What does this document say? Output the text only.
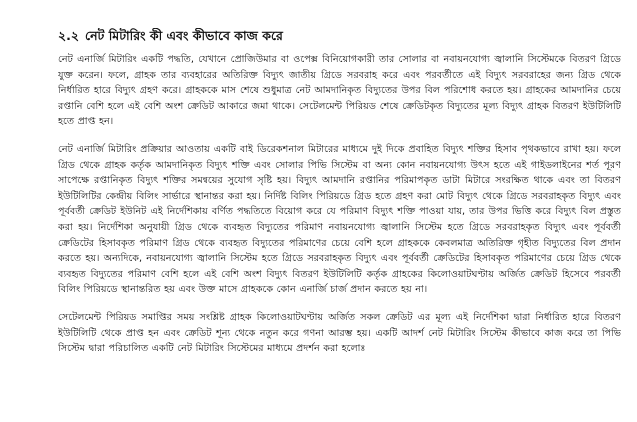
২.২ নেট মিটারিং কী এবং কীভাবে কাজ করে

নেট এনার্জি মিটারিং একটি পদ্ধতি, যেখানে প্রোজিউমার বা ওপেক্স বিনিয়োগকারী তার সোলার বা নবায়নযোগ্য জ্বালানি সিস্টেমকে বিতরণ গ্রিডে যুক্ত করেন। ফলে, গ্রাহক তার ব্যবহারের অতিরিক্ত বিদ্যুৎ জাতীয় গ্রিডে সরবরাহ করে এবং পরবর্তীতে এই বিদ্যুৎ সরবরাহের জন্য গ্রিড থেকে নির্ধারিত হারে বিদ্যুৎ গ্রহণ করে। গ্রাহককে মাস শেষে শুধুমাত্র নেট আমদানিকৃত বিদ্যুতের উপর বিল পরিশোধ করতে হয়। গ্রাহকের আমদানির চেয়ে রপ্তানি বেশি হলে এই বেশি অংশ ক্রেডিট আকারে জমা থাকে। সেটেলমেন্ট পিরিয়ড শেষে ক্রেডিটকৃত বিদ্যুতের মূল্য বিদ্যুৎ গ্রাহক বিতরণ ইউটিলিটি হতে প্রাপ্ত হন।

নেট এনার্জি মিটারিং প্রক্রিয়ার আওতায় একটি বাই ডিরেকশনাল মিটারের মাধ্যমে দুই দিকে প্রবাহিত বিদ্যুৎ শক্তির হিসাব পৃথকভাবে রাখা হয়। ফলে গ্রিড থেকে গ্রাহক কর্তৃক আমদানিকৃত বিদ্যুৎ শক্তি এবং সোলার পিভি সিস্টেম বা অন্য কোন নবায়নযোগ্য উৎস হতে এই গাইডলাইনের শর্ত পূরণ সাপেক্ষে রপ্তানিকৃত বিদ্যুৎ শক্তির সমন্বয়ের সুযোগ সৃষ্টি হয়। বিদ্যুৎ আমদানি রপ্তানির পরিমাপকৃত ডাটা মিটারে সংরক্ষিত থাকে এবং তা বিতরণ ইউটিলিটির কেন্দ্রীয় বিলিং সার্ভারে স্থানান্তর করা হয়। নির্দিষ্ট বিলিং পিরিয়ডে গ্রিড হতে গ্রহণ করা মোট বিদ্যুৎ থেকে গ্রিডে সরবরাহকৃত বিদ্যুৎ এবং পূর্ববর্তী ক্রেডিট ইউনিট এই নির্দেশিকায় বর্ণিত পদ্ধতিতে বিয়োগ করে যে পরিমাণ বিদ্যুৎ শক্তি পাওয়া যায়, তার উপর ভিত্তি করে বিদ্যুৎ বিল প্রস্তুত করা হয়। নির্দেশিকা অনুযায়ী গ্রিড থেকে ব্যবহৃত বিদ্যুতের পরিমাণ নবায়নযোগ্য জ্বালানি সিস্টেম হতে গ্রিডে সরবরাহকৃত বিদ্যুৎ এবং পূর্ববর্তী ক্রেডিটের হিসাবকৃত পরিমাণ গ্রিড থেকে ব্যবহৃত বিদ্যুতের পরিমাণের চেয়ে বেশি হলে গ্রাহককে কেবলমাত্র অতিরিক্ত গৃহীত বিদ্যুতের বিল প্রদান করতে হয়। অন্যদিকে, নবায়নযোগ্য জ্বালানি সিস্টেম হতে গ্রিডে সরবরাহকৃত বিদ্যুৎ এবং পূর্ববর্তী ক্রেডিটের হিসাবকৃত পরিমাণের চেয়ে গ্রিড থেকে ব্যবহৃত বিদ্যুতের পরিমাণ বেশি হলে এই বেশি অংশ বিদ্যুৎ বিতরণ ইউটিলিটি কর্তৃক গ্রাহকের কিলোওয়াটঘণ্টায় অর্জিত ক্রেডিট হিসেবে পরবর্তী বিলিং পিরিয়ডে স্থানান্তরিত হয় এবং উক্ত মাসে গ্রাহককে কোন এনার্জি চার্জ প্রদান করতে হয় না।

সেটেলমেন্ট পিরিয়ড সমাপ্তির সময় সংশ্লিষ্ট গ্রাহক কিলোওয়াটঘণ্টায় অর্জিত সকল ক্রেডিট এর মূল্য এই নির্দেশিকা দ্বারা নির্ধারিত হারে বিতরণ ইউটিলিটি থেকে প্রাপ্ত হন এবং ক্রেডিট শূন্য থেকে নতুন করে গণনা আরম্ভ হয়। একটি আদর্শ নেট মিটারিং সিস্টেম কীভাবে কাজ করে তা পিভি সিস্টেম দ্বারা পরিচালিত একটি নেট মিটারিং সিস্টেমের মাধ্যমে প্রদর্শন করা হলোঃ
